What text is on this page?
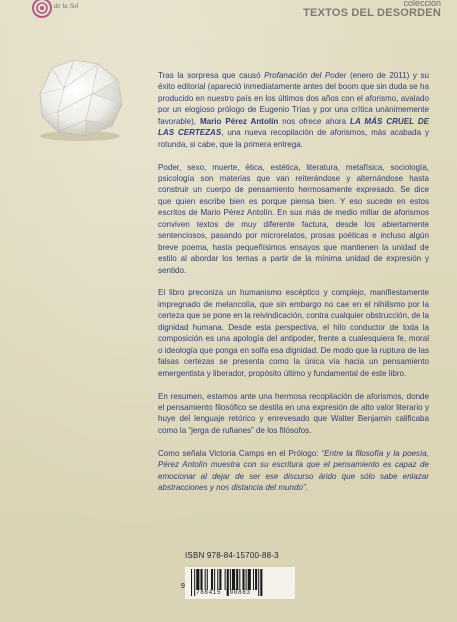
de la Sol	colección
TEXTOS DEL DESORDEN

Tras la sorpresa que causó Profanación del Poder (enero de 2011) y su éxito editorial (apareció inmediatamente antes del boom que sin duda se ha producido en nuestro país en los últimos dos años con el aforismo, avalado por un elogioso prólogo de Eugenio Trías y por una crítica unánimemente favorable), Mario Pérez Antolín nos ofrece ahora LA MÁS CRUEL DE LAS CERTEZAS, una nueva recopilación de aforismos, más acabada y rotunda, si cabe, que la primera entrega.

Poder, sexo, muerte, ética, estética, literatura, metafísica, sociología, psicología son materias que van reiterándose y alternándose hasta construir un cuerpo de pensamiento hermosamente expresado. Se dice que quien escribe bien es porque piensa bien. Y eso sucede en estos escritos de Mario Pérez Antolín. En sus más de medio millar de aforismos conviven textos de muy diferente factura, desde los abiertamente sentenciosos, pasando por microrelatos, prosas poéticas e incluso algún breve poema, hasta pequeñísimos ensayos que mantienen la unidad de estilo al abordar los temas a partir de la mínima unidad de expresión y sentido.

El libro preconiza un humanismo escéptico y complejo, manifiestamente impregnado de melancolía, que sin embargo no cae en el nihilismo por la certeza que se pone en la reivindicación, contra cualquier obstrucción, de la dignidad humana. Desde esta perspectiva, el hilo conductor de toda la composición es una apología del antipoder, frente a cualesquiera fe, moral o ideología que ponga en solfa esa dignidad. De modo que la ruptura de las falsas certezas se presenta como la única vía hacia un pensamiento emergentista y liberador, propósito último y fundamental de este libro.

En resumen, estamos ante una hermosa recopilación de aforismos, donde el pensamiento filosófico se destila en una expresión de alto valor literario y huye del lenguaje retórico y enrevesado que Walter Benjamin calificaba como la “jerga de rufianes” de los filósofos.

Como señala Victoria Camps en el Prólogo: “Entre la filosofía y la poesía, Pérez Antolín muestra con su escritura que el pensamiento es capaz de emocionar al dejar de ser ese discurso árido que sólo sabe enlazar abstracciones y nos distancia del mundo”.

ISBN 978-84-15700-88-3
9
788415 700883
